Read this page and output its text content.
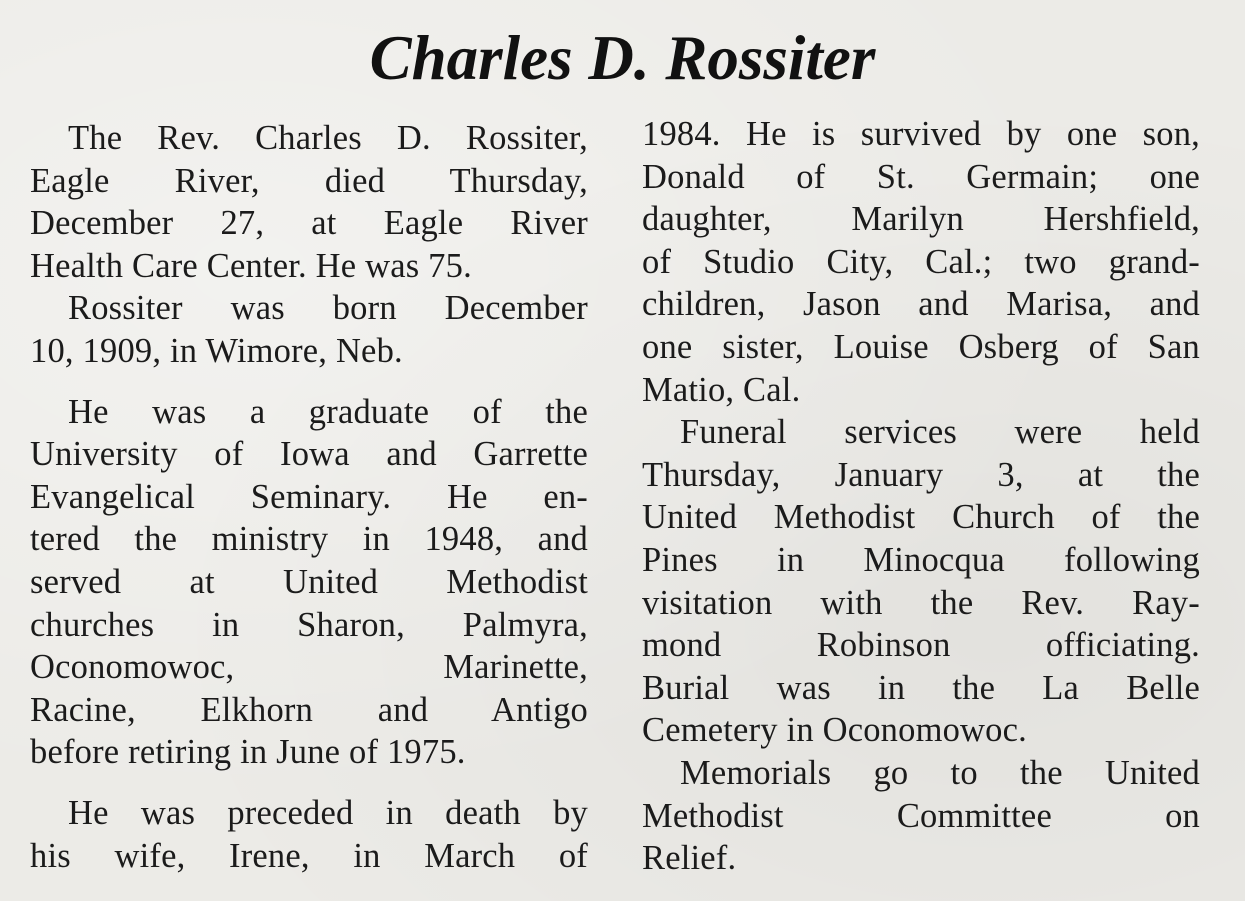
Charles D. Rossiter
The Rev. Charles D. Rossiter,
Eagle River, died Thursday,
December 27, at Eagle River
Health Care Center. He was 75.
Rossiter was born December
10, 1909, in Wimore, Neb.
He was a graduate of the
University of Iowa and Garrette
Evangelical Seminary. He en-
tered the ministry in 1948, and
served at United Methodist
churches in Sharon, Palmyra,
Oconomowoc, Marinette,
Racine, Elkhorn and Antigo
before retiring in June of 1975.
He was preceded in death by
his wife, Irene, in March of
1984. He is survived by one son,
Donald of St. Germain; one
daughter, Marilyn Hershfield,
of Studio City, Cal.; two grand-
children, Jason and Marisa, and
one sister, Louise Osberg of San
Matio, Cal.
Funeral services were held
Thursday, January 3, at the
United Methodist Church of the
Pines in Minocqua following
visitation with the Rev. Ray-
mond Robinson officiating.
Burial was in the La Belle
Cemetery in Oconomowoc.
Memorials go to the United
Methodist Committee on
Relief.
